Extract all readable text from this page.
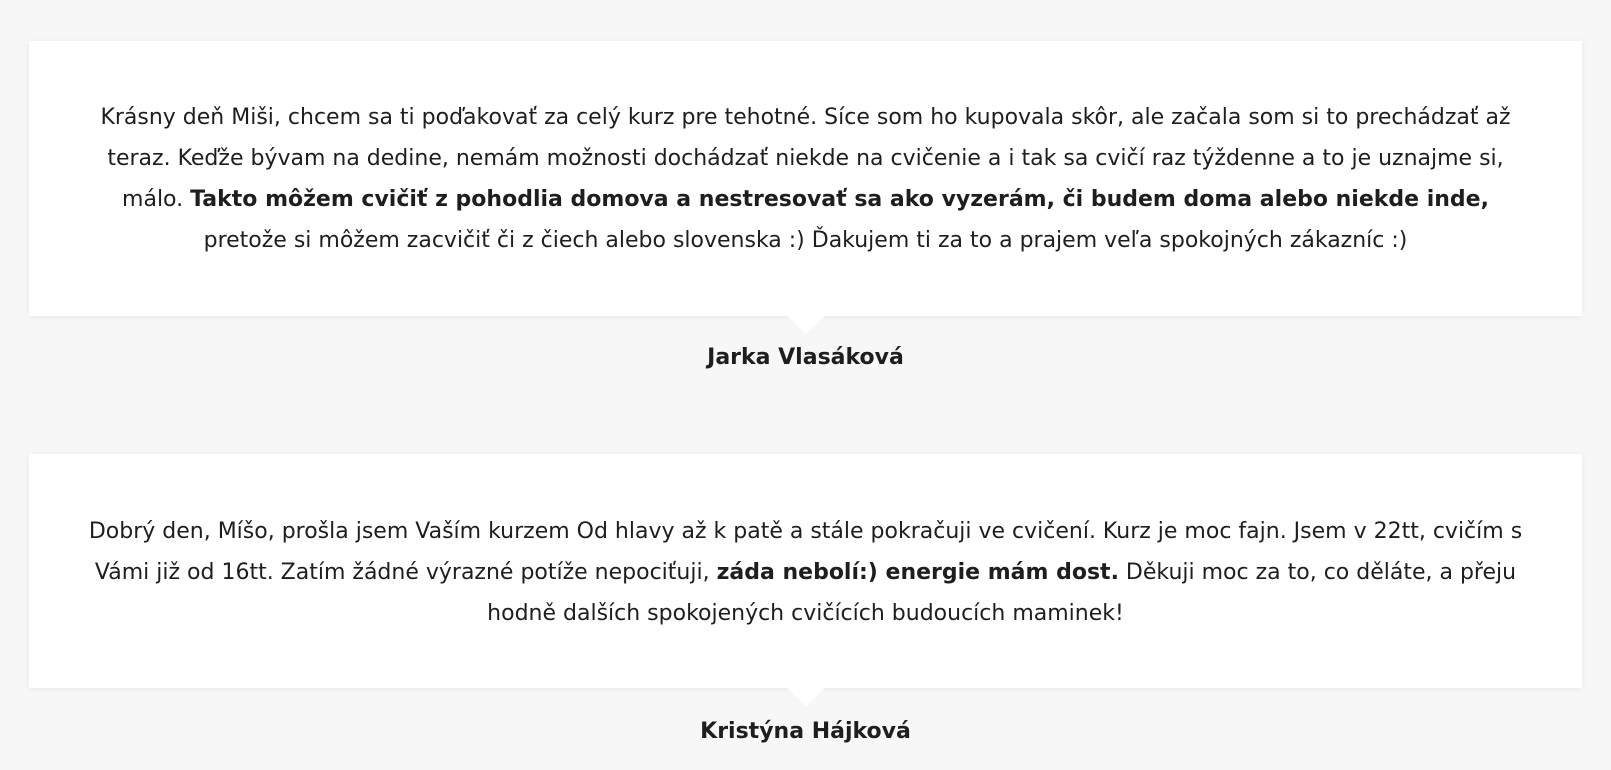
Krásny deň Miši, chcem sa ti poďakovať za celý kurz pre tehotné. Síce som ho kupovala skôr, ale začala som si to prechádzať až teraz. Keďže bývam na dedine, nemám možnosti dochádzať niekde na cvičenie a i tak sa cvičí raz týždenne a to je uznajme si, málo. Takto môžem cvičiť z pohodlia domova a nestresovať sa ako vyzerám, či budem doma alebo niekde inde, pretože si môžem zacvičiť či z čiech alebo slovenska :) Ďakujem ti za to a prajem veľa spokojných zákazníc :)

Jarka Vlasáková

Dobrý den, Míšo, prošla jsem Vaším kurzem Od hlavy až k patě a stále pokračuji ve cvičení. Kurz je moc fajn. Jsem v 22tt, cvičím s Vámi již od 16tt. Zatím žádné výrazné potíže nepociťuji, záda nebolí:) energie mám dost. Děkuji moc za to, co děláte, a přeju hodně dalších spokojených cvičících budoucích maminek!

Kristýna Hájková
